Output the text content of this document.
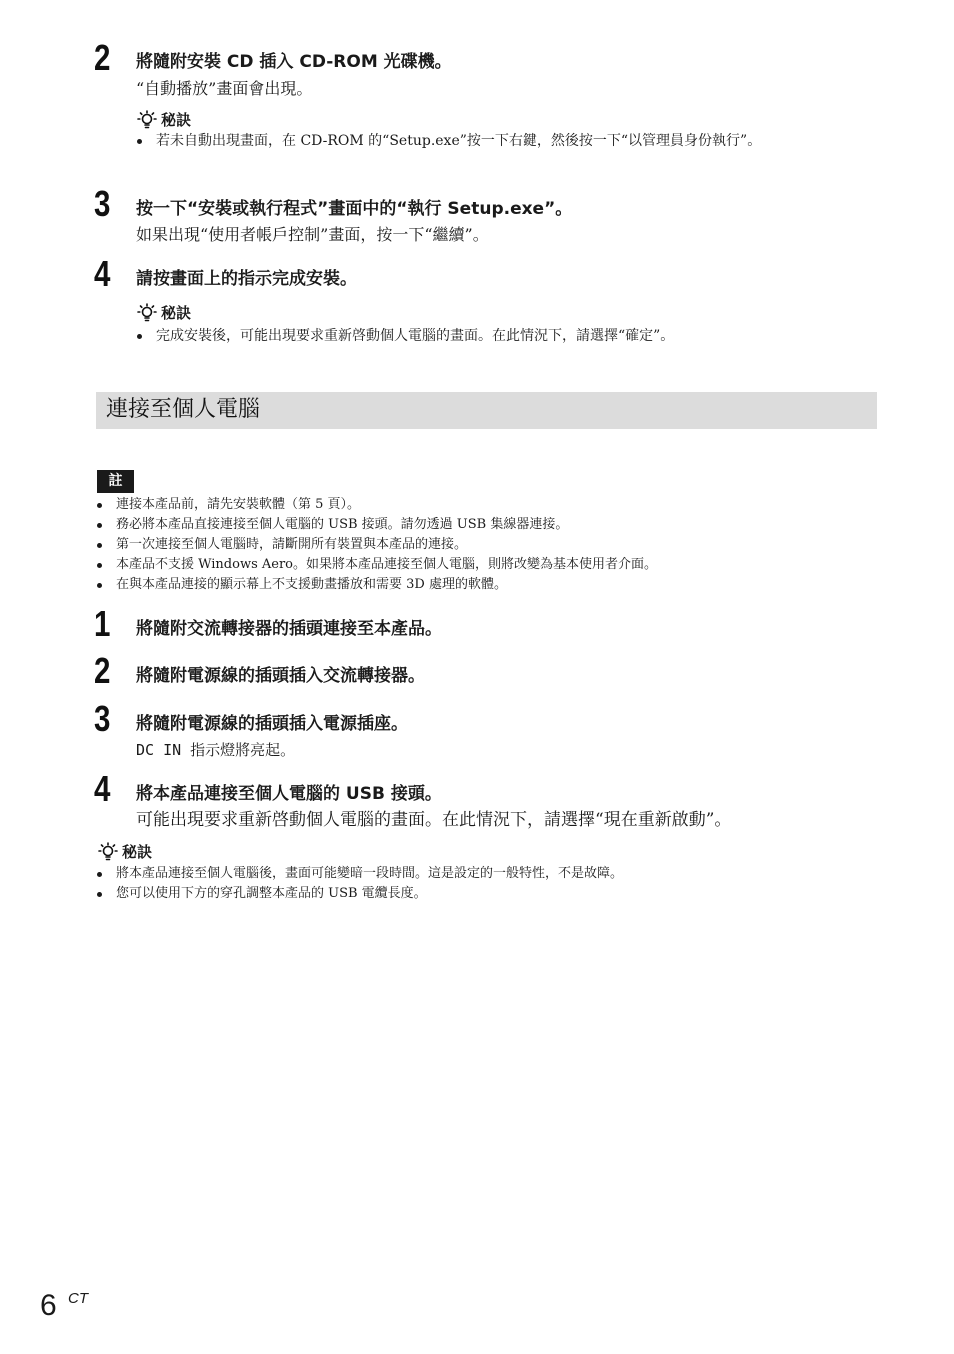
2	將隨附安裝 CD 插入 CD-ROM 光碟機。
“自動播放”畫面會出現。
秘訣
若未自動出現畫面，在 CD-ROM 的“Setup.exe”按一下右鍵，然後按一下“以管理員身份執行”。
3	按一下“安裝或執行程式”畫面中的“執行 Setup.exe”。
如果出現“使用者帳戶控制”畫面，按一下“繼續”。
4	請按畫面上的指示完成安裝。
秘訣
完成安裝後，可能出現要求重新啓動個人電腦的畫面。在此情況下，請選擇“確定”。
連接至個人電腦
註
連接本產品前，請先安裝軟體（第 5 頁）。
務必將本產品直接連接至個人電腦的 USB 接頭。請勿透過 USB 集線器連接。
第一次連接至個人電腦時，請斷開所有裝置與本產品的連接。
本產品不支援 Windows Aero。如果將本產品連接至個人電腦，則將改變為基本使用者介面。
在與本產品連接的顯示幕上不支援動畫播放和需要 3D 處理的軟體。
1	將隨附交流轉接器的插頭連接至本產品。
2	將隨附電源線的插頭插入交流轉接器。
3	將隨附電源線的插頭插入電源插座。
DC IN 指示燈將亮起。
4	將本產品連接至個人電腦的 USB 接頭。
可能出現要求重新啓動個人電腦的畫面。在此情況下，請選擇“現在重新啟動”。
秘訣
將本產品連接至個人電腦後，畫面可能變暗一段時間。這是設定的一般特性，不是故障。
您可以使用下方的穿孔調整本產品的 USB 電纜長度。
6 CT
